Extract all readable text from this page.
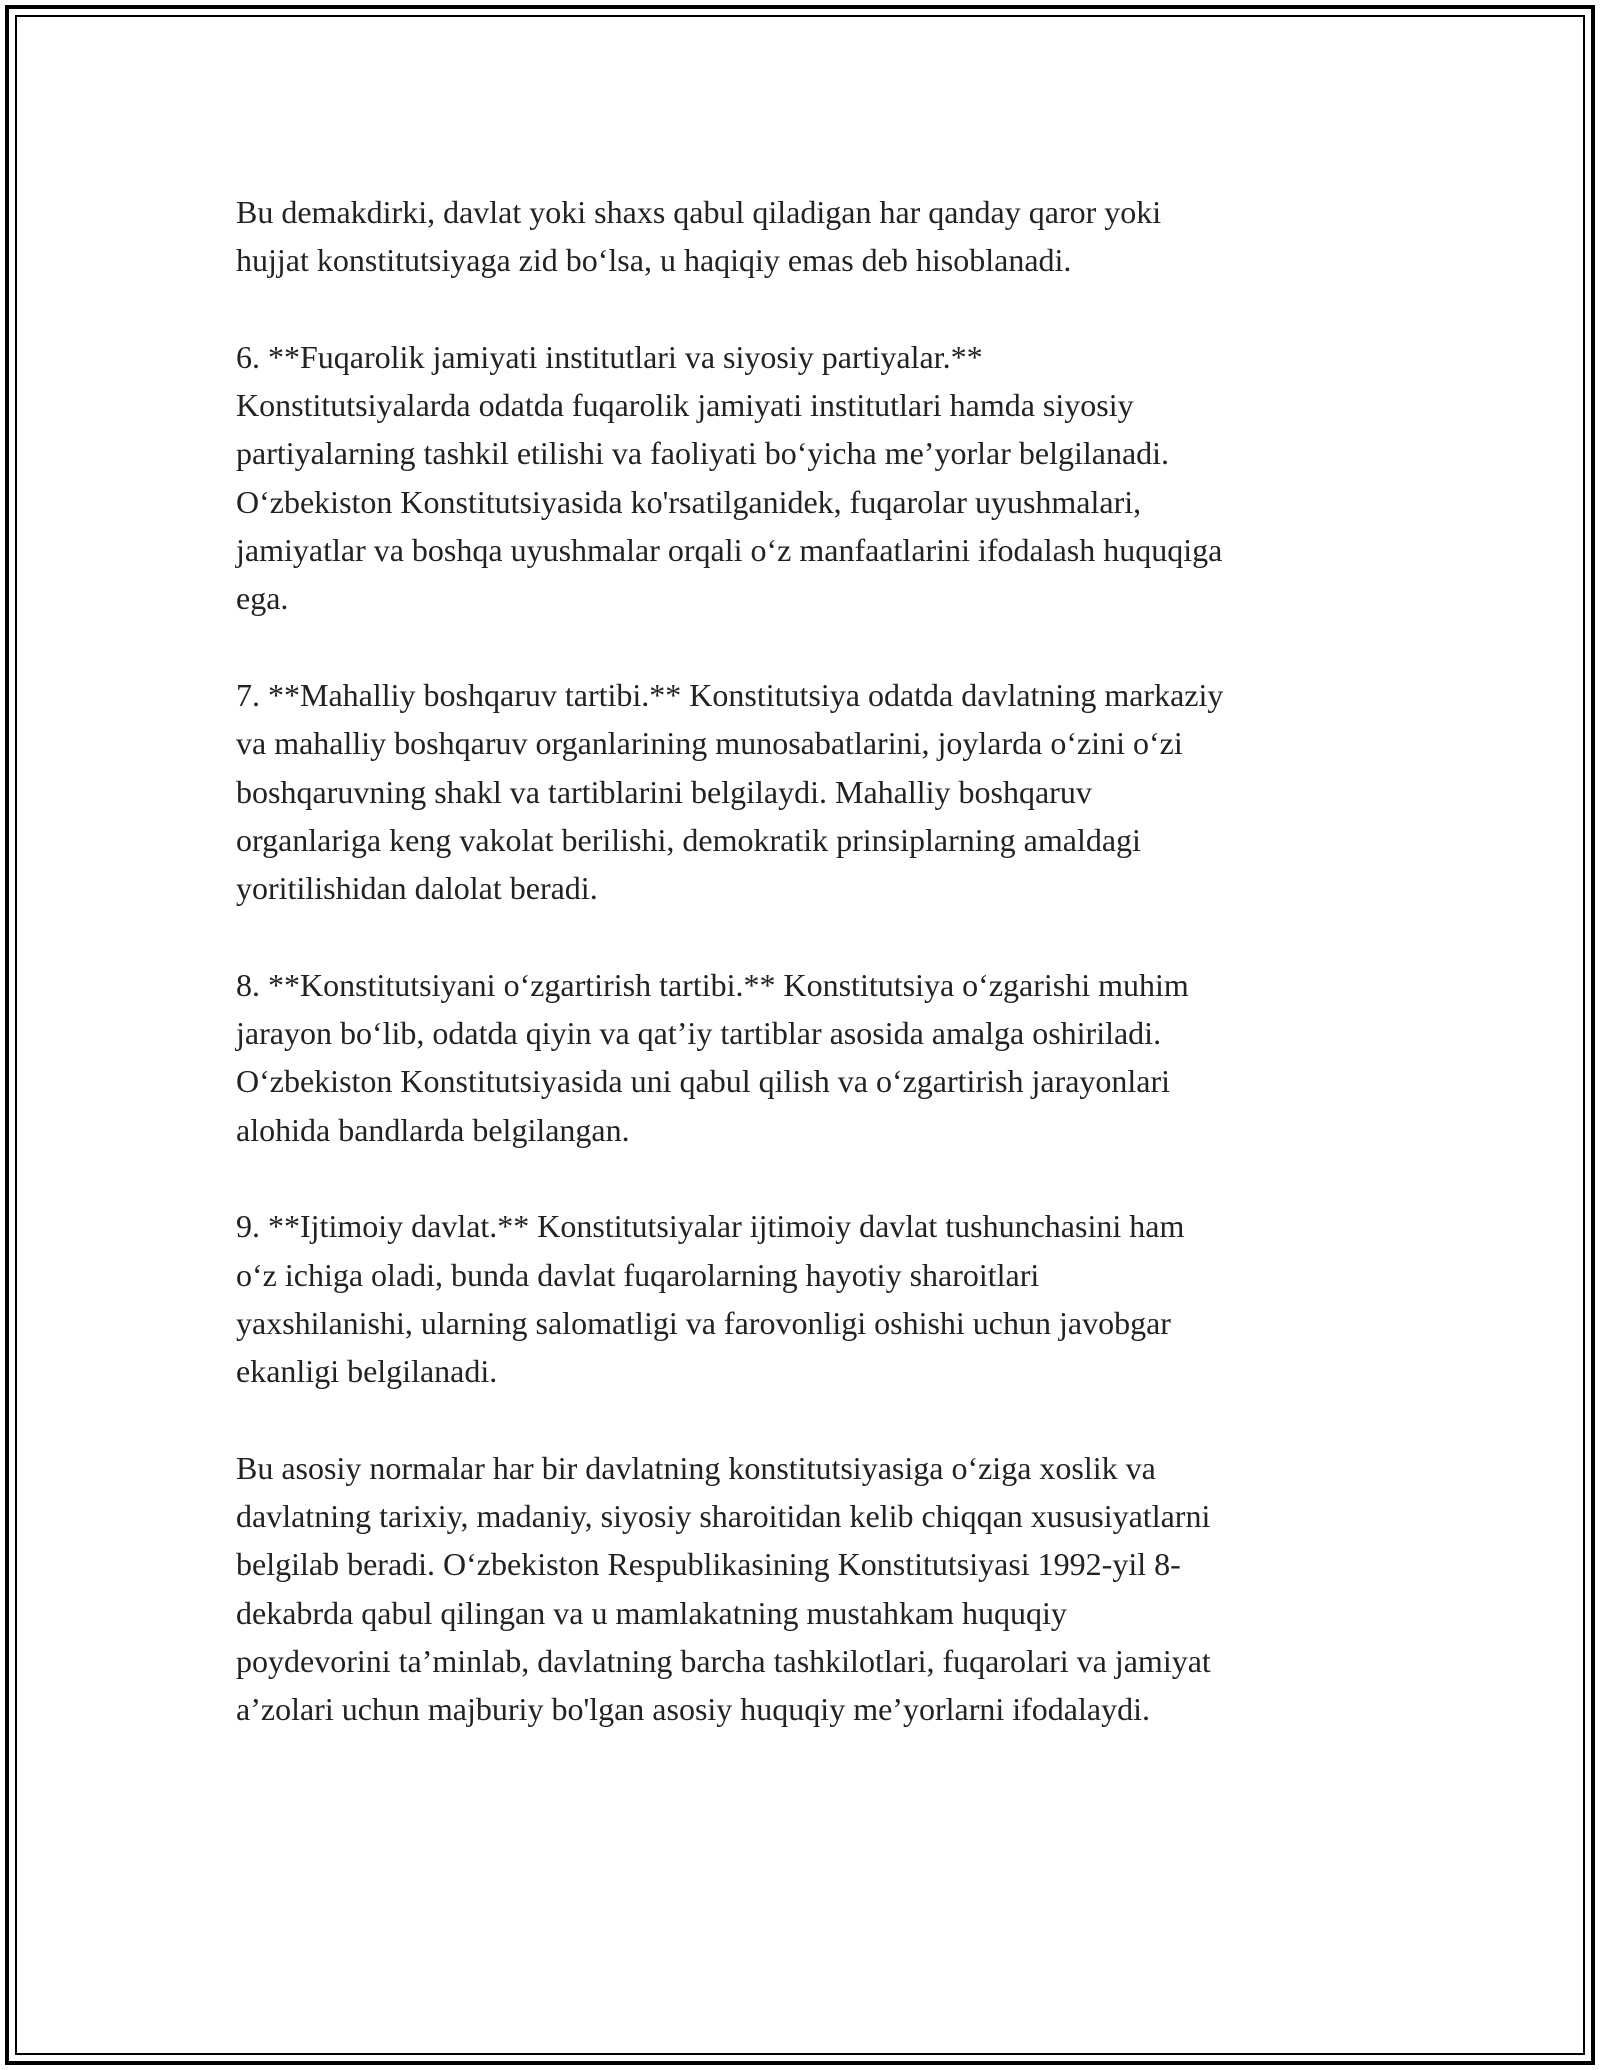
Bu demakdirki, davlat yoki shaxs qabul qiladigan har qanday qaror yoki
hujjat konstitutsiyaga zid bo‘lsa, u haqiqiy emas deb hisoblanadi.

6. **Fuqarolik jamiyati institutlari va siyosiy partiyalar.**
Konstitutsiyalarda odatda fuqarolik jamiyati institutlari hamda siyosiy
partiyalarning tashkil etilishi va faoliyati bo‘yicha me’yorlar belgilanadi.
O‘zbekiston Konstitutsiyasida ko'rsatilganidek, fuqarolar uyushmalari,
jamiyatlar va boshqa uyushmalar orqali o‘z manfaatlarini ifodalash huquqiga
ega.

7. **Mahalliy boshqaruv tartibi.** Konstitutsiya odatda davlatning markaziy
va mahalliy boshqaruv organlarining munosabatlarini, joylarda o‘zini o‘zi
boshqaruvning shakl va tartiblarini belgilaydi. Mahalliy boshqaruv
organlariga keng vakolat berilishi, demokratik prinsiplarning amaldagi
yoritilishidan dalolat beradi.

8. **Konstitutsiyani o‘zgartirish tartibi.** Konstitutsiya o‘zgarishi muhim
jarayon bo‘lib, odatda qiyin va qat’iy tartiblar asosida amalga oshiriladi.
O‘zbekiston Konstitutsiyasida uni qabul qilish va o‘zgartirish jarayonlari
alohida bandlarda belgilangan.

9. **Ijtimoiy davlat.** Konstitutsiyalar ijtimoiy davlat tushunchasini ham
o‘z ichiga oladi, bunda davlat fuqarolarning hayotiy sharoitlari
yaxshilanishi, ularning salomatligi va farovonligi oshishi uchun javobgar
ekanligi belgilanadi.

Bu asosiy normalar har bir davlatning konstitutsiyasiga o‘ziga xoslik va
davlatning tarixiy, madaniy, siyosiy sharoitidan kelib chiqqan xususiyatlarni
belgilab beradi. O‘zbekiston Respublikasining Konstitutsiyasi 1992-yil 8-
dekabrda qabul qilingan va u mamlakatning mustahkam huquqiy
poydevorini ta’minlab, davlatning barcha tashkilotlari, fuqarolari va jamiyat
a’zolari uchun majburiy bo'lgan asosiy huquqiy me’yorlarni ifodalaydi.
